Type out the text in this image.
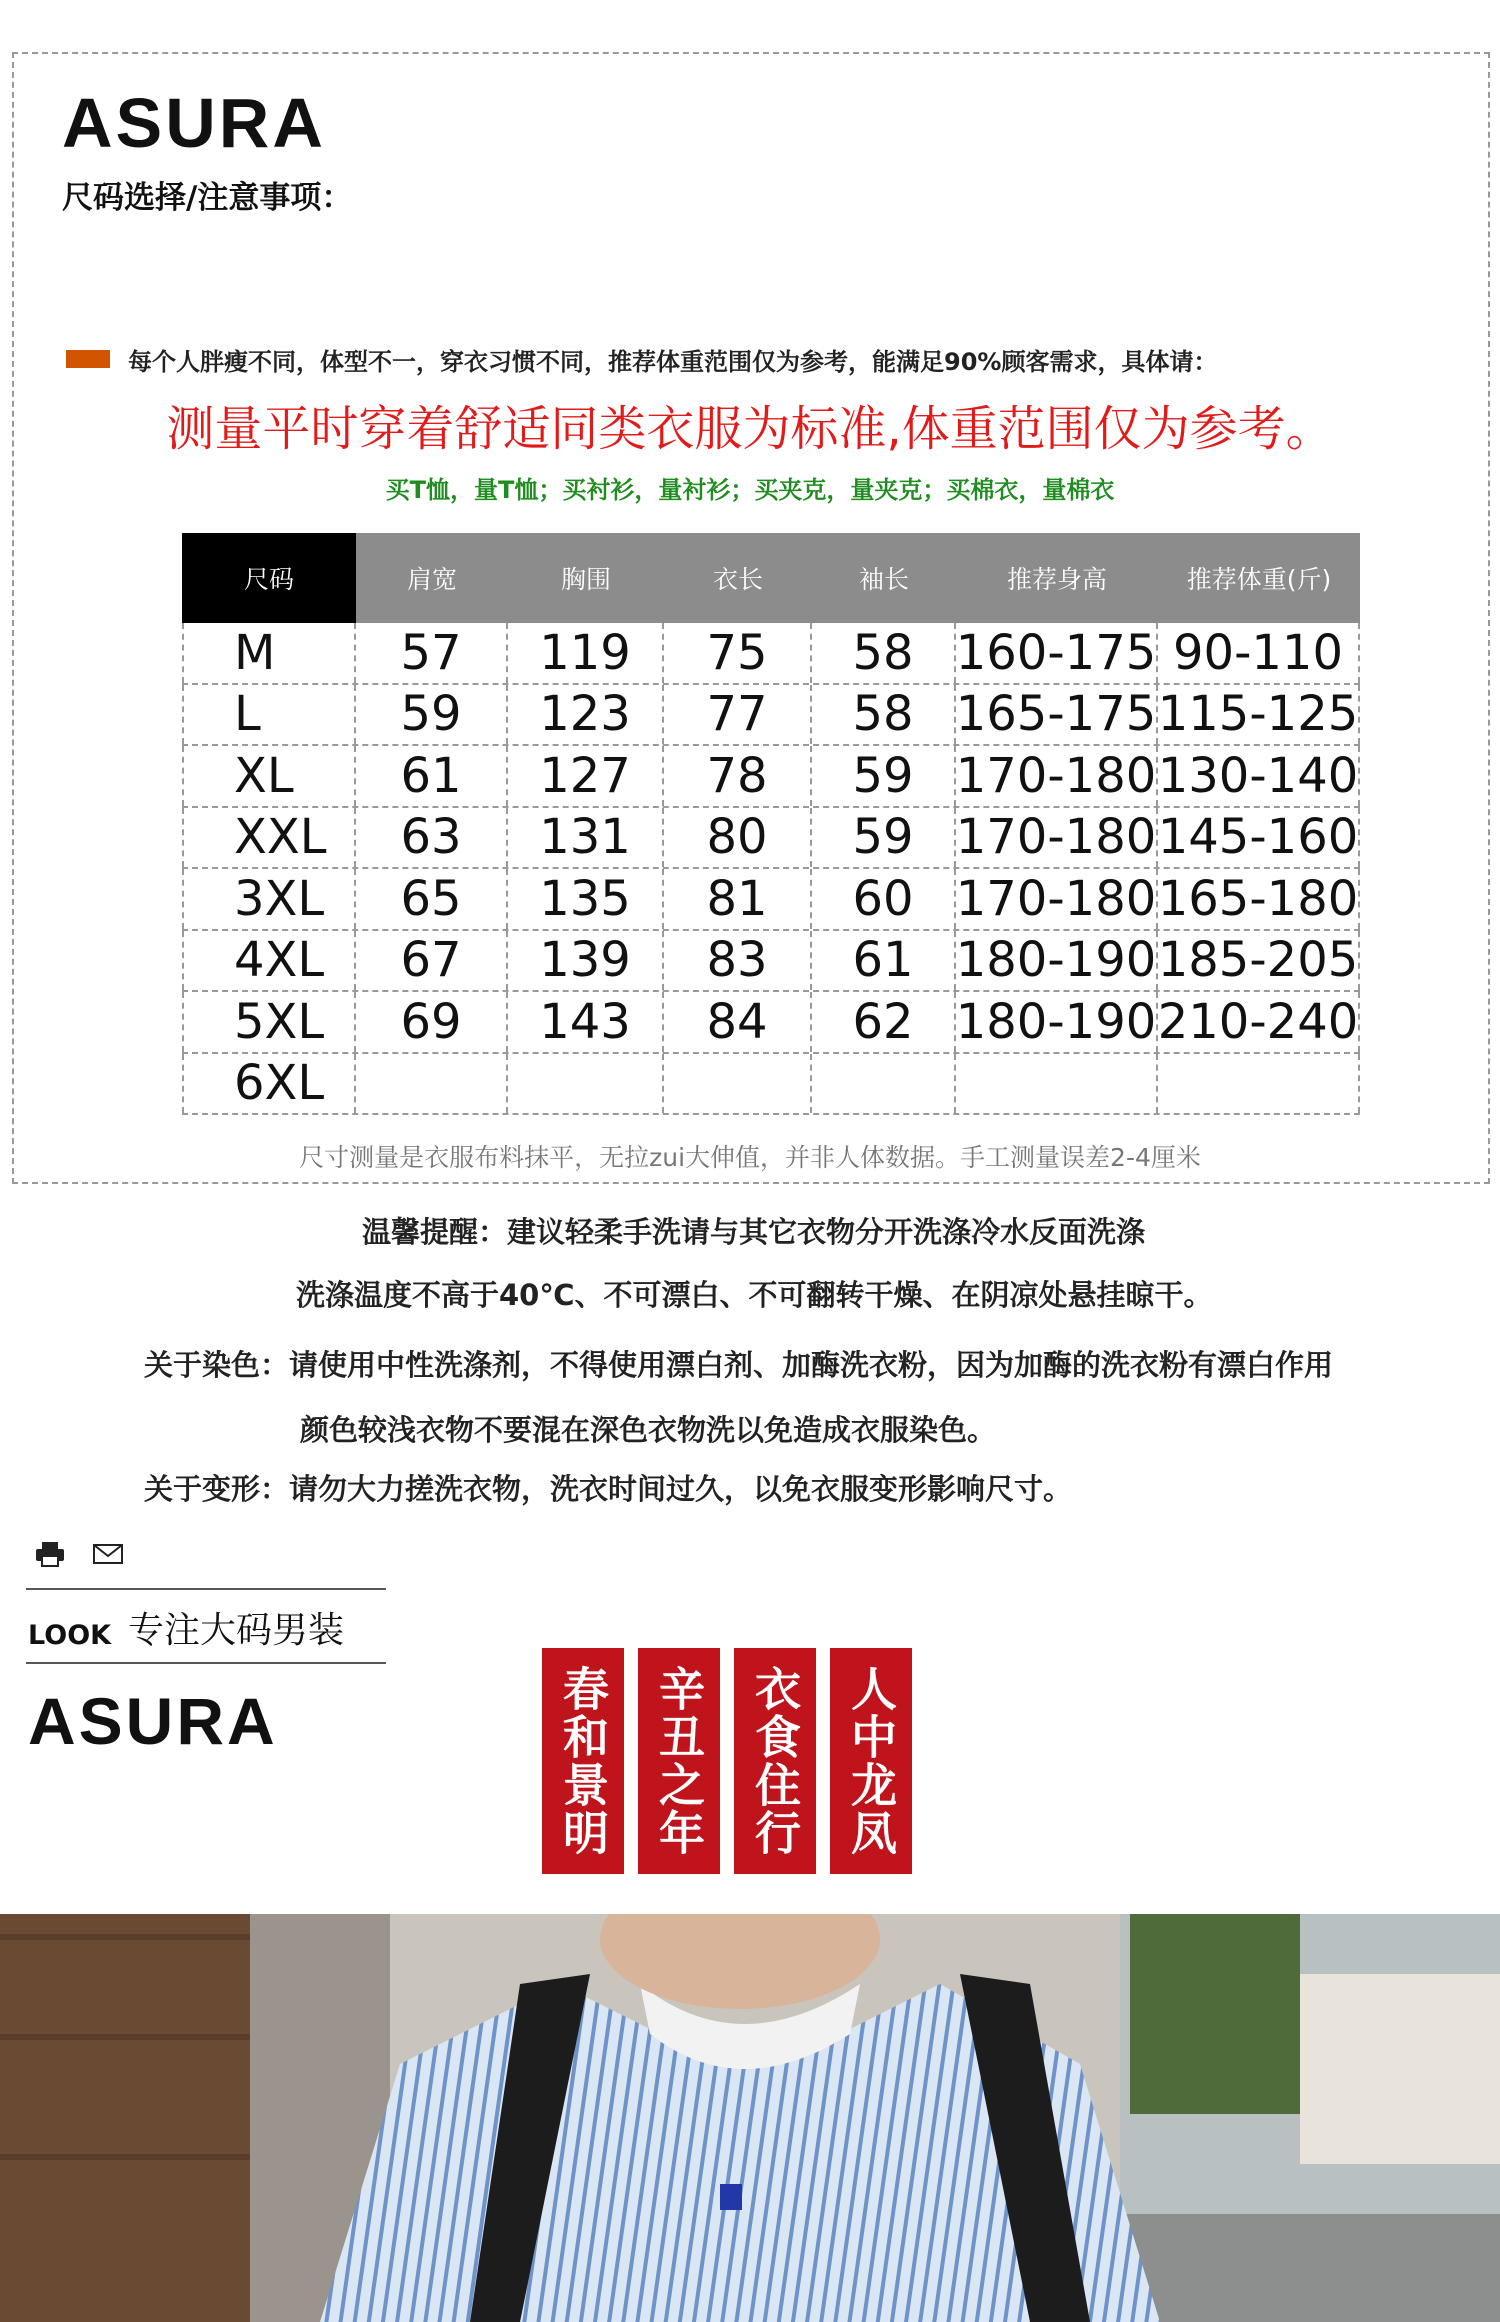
ASURA
尺码选择/注意事项：
每个人胖瘦不同，体型不一，穿衣习惯不同，推荐体重范围仅为参考，能满足90%顾客需求，具体请：
测量平时穿着舒适同类衣服为标准,体重范围仅为参考。
买T恤，量T恤；买衬衫，量衬衫；买夹克，量夹克；买棉衣，量棉衣
尺码	肩宽	胸围	衣长	袖长	推荐身高	推荐体重(斤)
M	57	119	75	58 160-175 90-110
L	59	123	77	58 165-175 115-125
XL	61	127	78	59 170-180 130-140
XXL	63	131	80	59 170-180 145-160
3XL	65	135	81	60 170-180 165-180
4XL	67	139	83	61 180-190 185-205
5XL	69	143	84	62 180-190 210-240
6XL
尺寸测量是衣服布料抹平，无拉zui大伸值，并非人体数据。手工测量误差2-4厘米
温馨提醒：建议轻柔手洗请与其它衣物分开洗涤冷水反面洗涤
洗涤温度不高于40℃、不可漂白、不可翻转干燥、在阴凉处悬挂晾干。
关于染色：请使用中性洗涤剂，不得使用漂白剂、加酶洗衣粉，因为加酶的洗衣粉有漂白作用
颜色较浅衣物不要混在深色衣物洗以免造成衣服染色。
关于变形：请勿大力搓洗衣物，洗衣时间过久，以免衣服变形影响尺寸。
LOOK 专注大码男装
ASURA	春和景明 辛丑之年 衣食住行 人中龙凤
